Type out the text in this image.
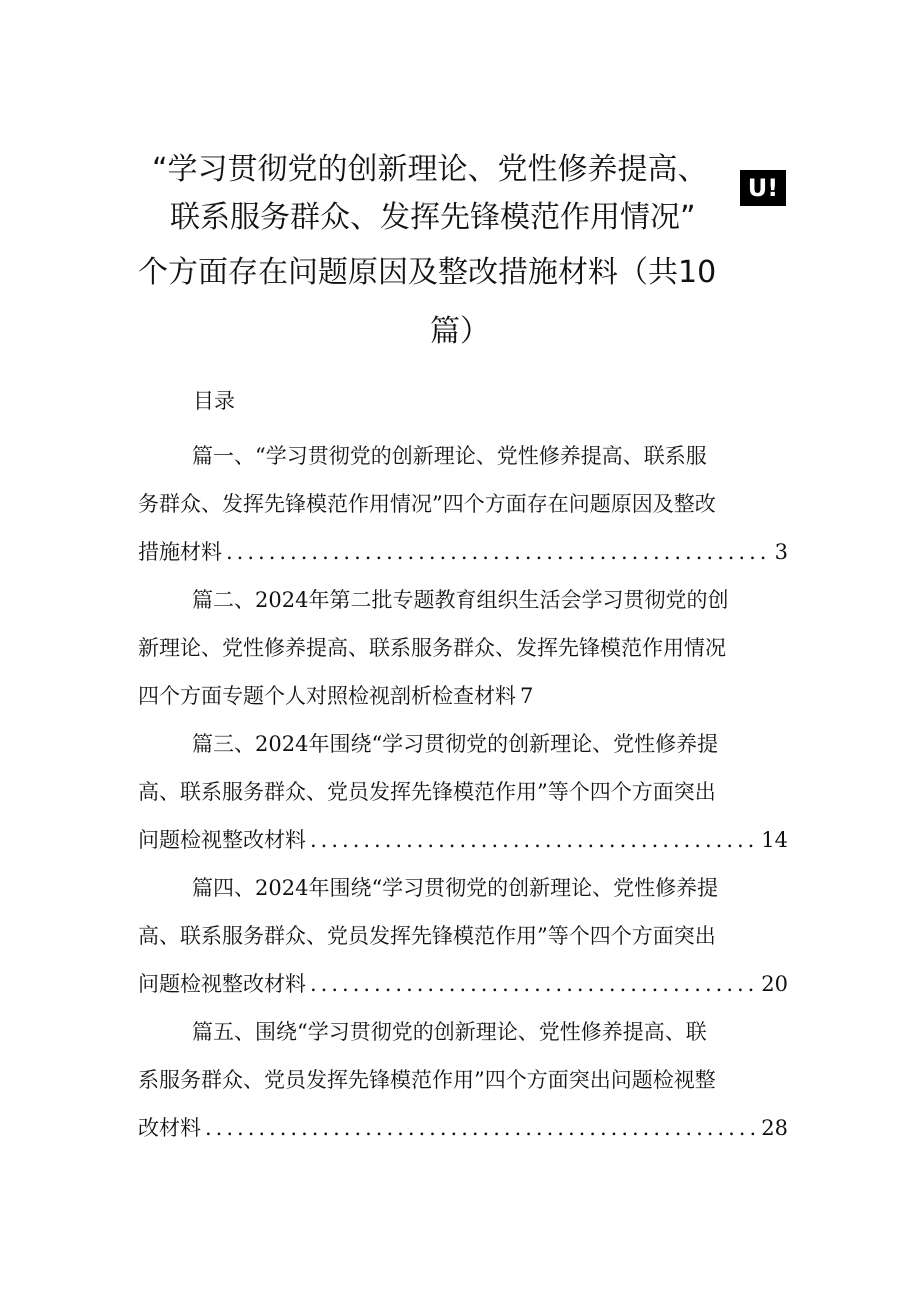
“学习贯彻党的创新理论、党性修养提高、
联系服务群众、发挥先锋模范作用情况”
U!
个方面存在问题原因及整改措施材料（共10
篇）
目录
篇一、“学习贯彻党的创新理论、党性修养提高、联系服
务群众、发挥先锋模范作用情况”四个方面存在问题原因及整改
措施材料 .....	3
篇二、2024年第二批专题教育组织生活会学习贯彻党的创
新理论、党性修养提高、联系服务群众、发挥先锋模范作用情况
四个方面专题个人对照检视剖析检查材料 7
篇三、2024年围绕“学习贯彻党的创新理论、党性修养提
高、联系服务群众、党员发挥先锋模范作用”等个四个方面突出
问题检视整改材料 .....	14
篇四、2024年围绕“学习贯彻党的创新理论、党性修养提
高、联系服务群众、党员发挥先锋模范作用”等个四个方面突出
问题检视整改材料 .....	20
篇五、围绕“学习贯彻党的创新理论、党性修养提高、联
系服务群众、党员发挥先锋模范作用”四个方面突出问题检视整
改材料 .....	28
